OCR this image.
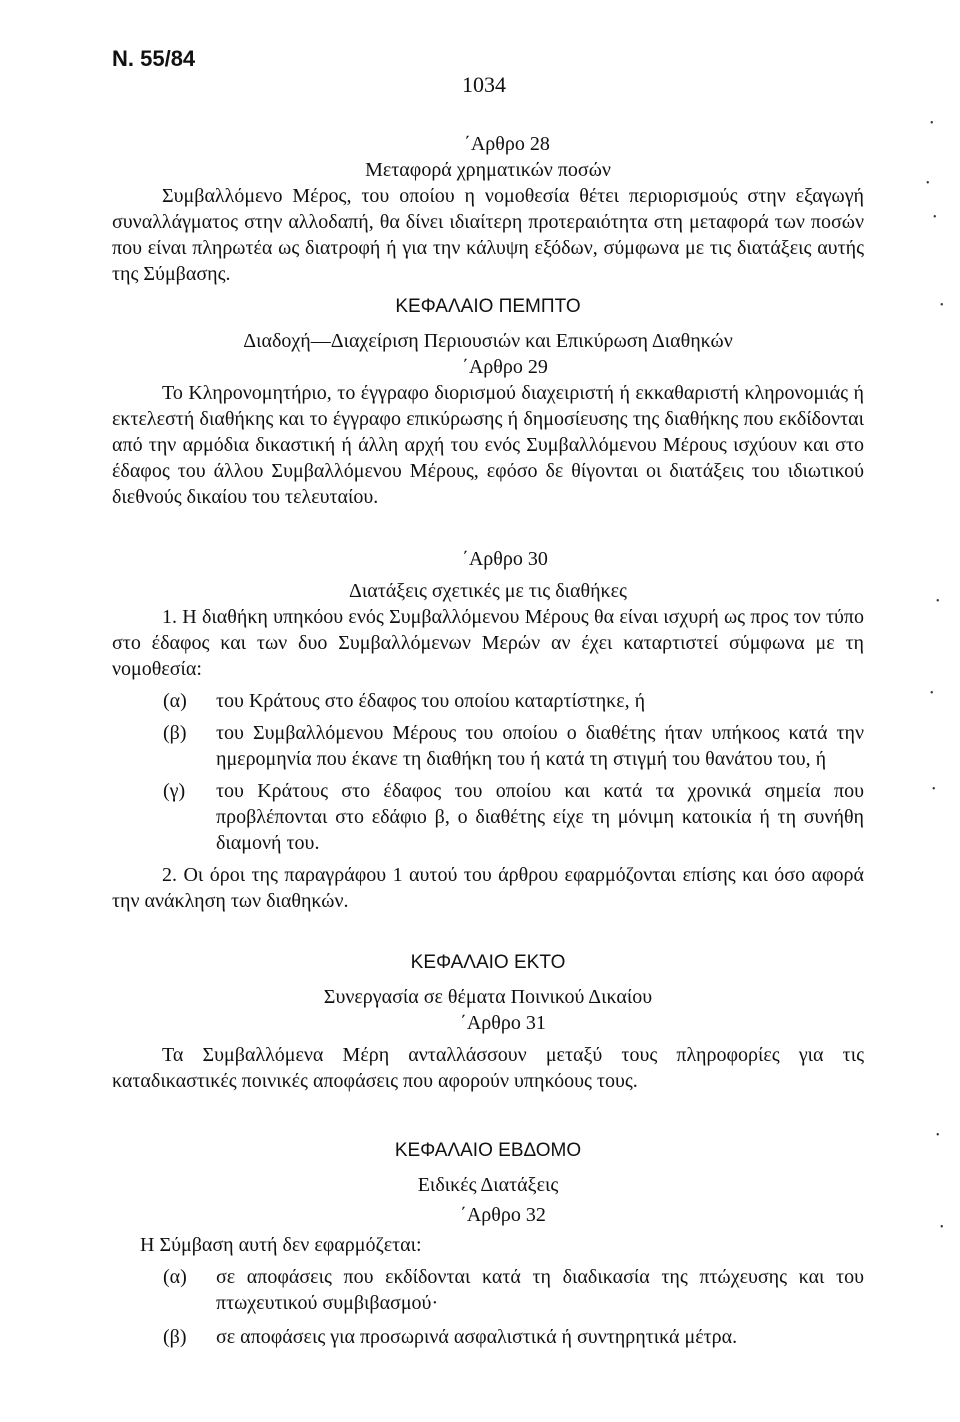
Ν. 55/84
1034
•
•
•
•
•
•
•
•
•
΄Αρθρο 28
Μεταφορά χρηματικών ποσών
Συμβαλλόμενο Μέρος, του οποίου η νομοθεσία θέτει περιορισμούς στην εξαγωγή συναλλάγματος στην αλλοδαπή, θα δίνει ιδιαίτερη προτεραιότητα στη μεταφορά των ποσών που είναι πληρωτέα ως διατροφή ή για την κάλυψη εξόδων, σύμφωνα με τις διατάξεις αυτής της Σύμβασης.
ΚΕΦΑΛΑΙΟ ΠΕΜΠΤΟ
Διαδοχή—Διαχείριση Περιουσιών και Επικύρωση Διαθηκών
΄Αρθρο 29
Το Κληρονομητήριο, το έγγραφο διορισμού διαχειριστή ή εκκαθαριστή κληρονομιάς ή εκτελεστή διαθήκης και το έγγραφο επικύρωσης ή δημοσίευσης της διαθήκης που εκδίδονται από την αρμόδια δικαστική ή άλλη αρχή του ενός Συμβαλλόμενου Μέρους ισχύουν και στο έδαφος του άλλου Συμβαλλόμενου Μέρους, εφόσο δε θίγονται οι διατάξεις του ιδιωτικού διεθνούς δικαίου του τελευταίου.
΄Αρθρο 30
Διατάξεις σχετικές με τις διαθήκες
1. Η διαθήκη υπηκόου ενός Συμβαλλόμενου Μέρους θα είναι ισχυρή ως προς τον τύπο στο έδαφος και των δυο Συμβαλλόμενων Μερών αν έχει καταρτιστεί σύμφωνα με τη νομοθεσία:
(α)	του Κράτους στο έδαφος του οποίου καταρτίστηκε, ή
(β)	του Συμβαλλόμενου Μέρους του οποίου ο διαθέτης ήταν υπήκοος κατά την ημερομηνία που έκανε τη διαθήκη του ή κατά τη στιγμή του θανάτου του, ή
(γ)	του Κράτους στο έδαφος του οποίου και κατά τα χρονικά σημεία που προβλέπονται στο εδάφιο β, ο διαθέτης είχε τη μόνιμη κατοικία ή τη συνήθη διαμονή του.
2. Οι όροι της παραγράφου 1 αυτού του άρθρου εφαρμόζονται επίσης και όσο αφορά την ανάκληση των διαθηκών.
ΚΕΦΑΛΑΙΟ ΕΚΤΟ
Συνεργασία σε θέματα Ποινικού Δικαίου
΄Αρθρο 31
Τα Συμβαλλόμενα Μέρη ανταλλάσσουν μεταξύ τους πληροφορίες για τις καταδικαστικές ποινικές αποφάσεις που αφορούν υπηκόους τους.
ΚΕΦΑΛΑΙΟ ΕΒΔΟΜΟ
Ειδικές Διατάξεις
΄Αρθρο 32
Η Σύμβαση αυτή δεν εφαρμόζεται:
(α)	σε αποφάσεις που εκδίδονται κατά τη διαδικασία της πτώχευσης και του πτωχευτικού συμβιβασμού·
(β)	σε αποφάσεις για προσωρινά ασφαλιστικά ή συντηρητικά μέτρα.
